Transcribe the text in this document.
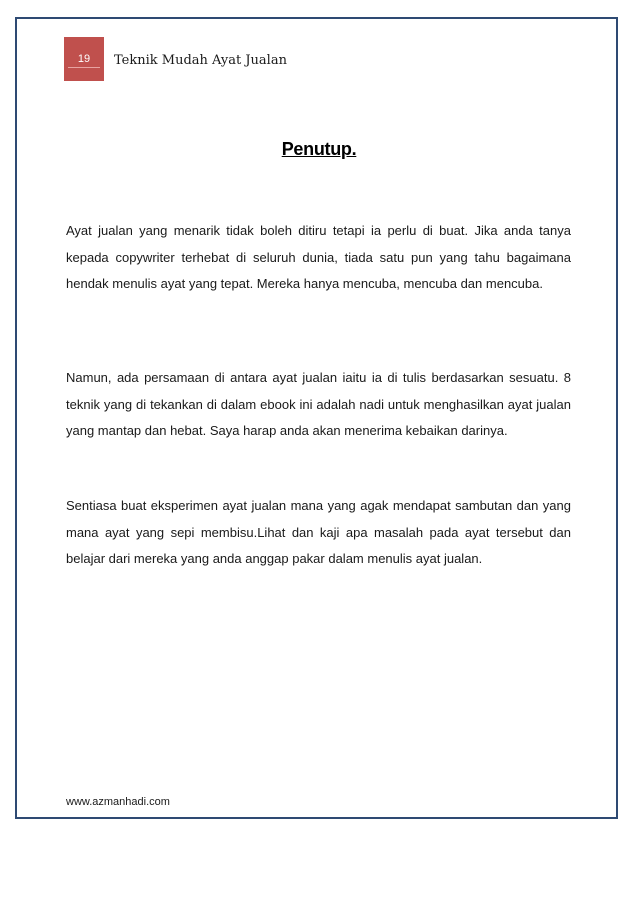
19	Teknik Mudah Ayat Jualan
Penutup.
Ayat jualan yang menarik tidak boleh ditiru tetapi ia perlu di buat. Jika anda tanya kepada copywriter terhebat di seluruh dunia, tiada satu pun yang tahu bagaimana hendak menulis ayat yang tepat. Mereka hanya mencuba, mencuba dan mencuba.
Namun, ada persamaan di antara ayat jualan iaitu ia di tulis berdasarkan sesuatu. 8 teknik yang di tekankan di dalam ebook ini adalah nadi untuk menghasilkan ayat jualan yang mantap dan hebat. Saya harap anda akan menerima kebaikan darinya.
Sentiasa buat eksperimen ayat jualan mana yang agak mendapat sambutan dan yang mana ayat yang sepi membisu.Lihat dan kaji apa masalah pada ayat tersebut dan belajar dari mereka yang anda anggap pakar dalam menulis ayat jualan.
www.azmanhadi.com
